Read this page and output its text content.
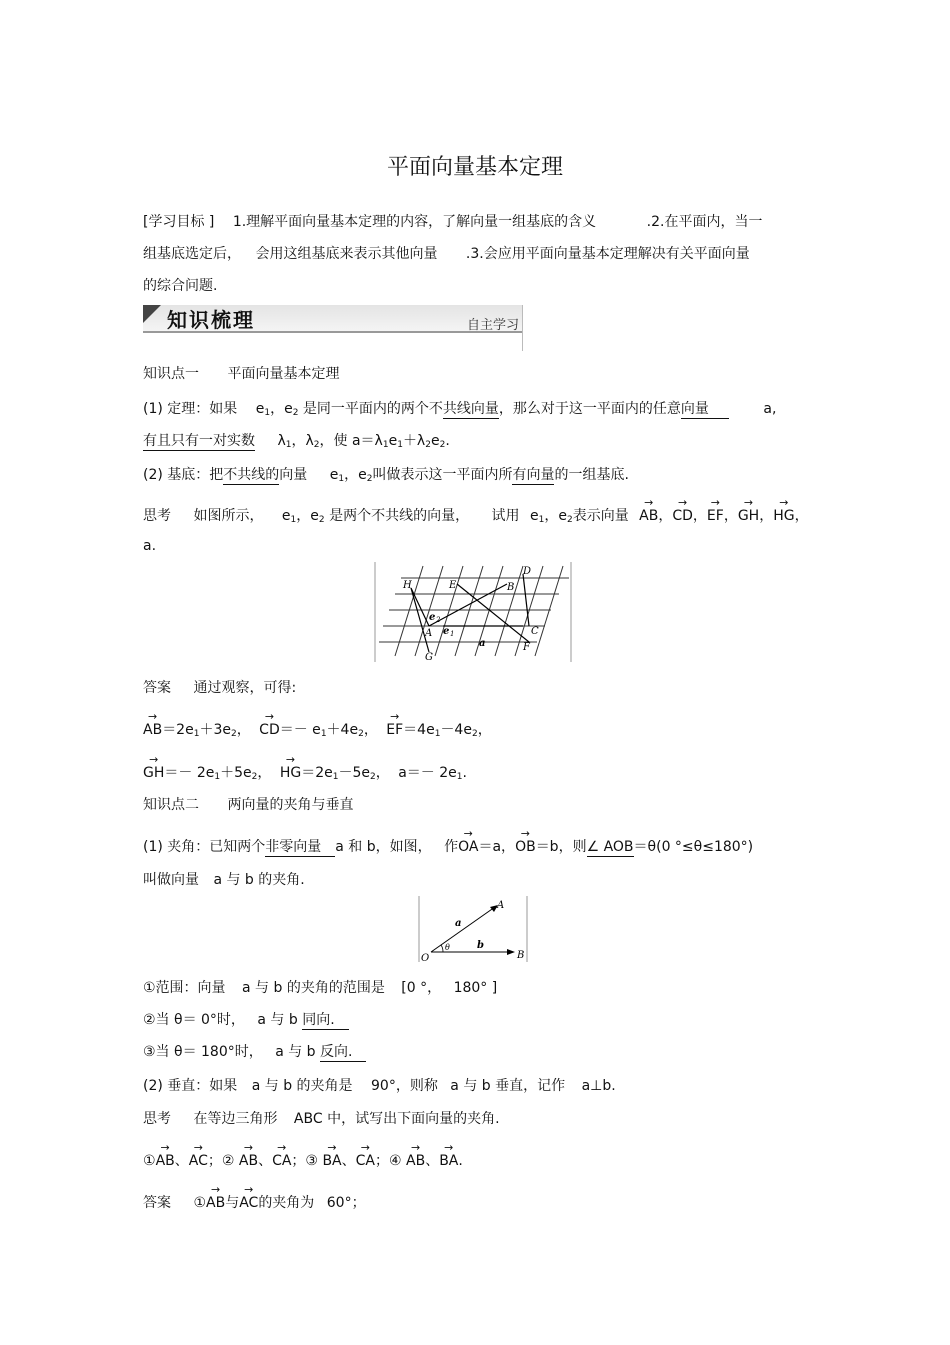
平面向量基本定理
[学习目标 ] 1.理解平面向量基本定理的内容，了解向量一组基底的含义	.2.在平面内，当一
组基底选定后， 会用这组基底来表示其他向量 .3.会应用平面向量基本定理解决有关平面向量
的综合问题.
知识梳理	自主学习
知识点一 平面向量基本定理
(1) 定理：如果 $e_1$，$e_2$ 是同一平面内的两个不共线向量，那么对于这一平面内的任意向量	a,
有且只有一对实数 $\lambda_1$，$\lambda_2$，使 $a=\lambda_1e_1+\lambda_2e_2$.
(2) 基底：把不共线的向量 $e_1$，$e_2$叫做表示这一平面内所有向量的一组基底.
思考 如图所示， $e_1$，$e_2$ 是两个不共线的向量， 试用 $e_1$，$e_2$表示向量 → AB，→ CD，→ EF，→ GH，→ HG，
a.
H	E	B
D
e 2
e 1
A	C
a
G
F
答案 通过观察，可得:
→ $AB=2e_1+3e_2$， → $CD=- e_1+4e_2$， → $EF=4e_1-4e_2$，
→ $GH=- 2e_1+5e_2$， → $HG=2e_1-5e_2$， $a=- 2e_1$.
知识点二 两向量的夹角与垂直
(1) 夹角：已知两个非零向量 a 和 b，如图， 作→ OA＝a，→ OB＝b，则∠ AOB＝θ(0 °≤θ≤180°)
叫做向量 a 与 b 的夹角.
O
A
B
a
b
θ
①范围：向量 a 与 b 的夹角的范围是 [0 °， 180° ]
②当 θ＝ 0°时， a 与 b 同向.
③当 θ＝ 180°时， a 与 b 反向.
(2) 垂直：如果 a 与 b 的夹角是 90°，则称 a 与 b 垂直，记作 a⊥b.
思考 在等边三角形 ABC 中，试写出下面向量的夹角.
①→ AB、→ AC；② → AB、→ CA；③ → BA、→ CA；④ → AB、→ BA.
答案 ①→ AB与→ AC的夹角为 60°；
